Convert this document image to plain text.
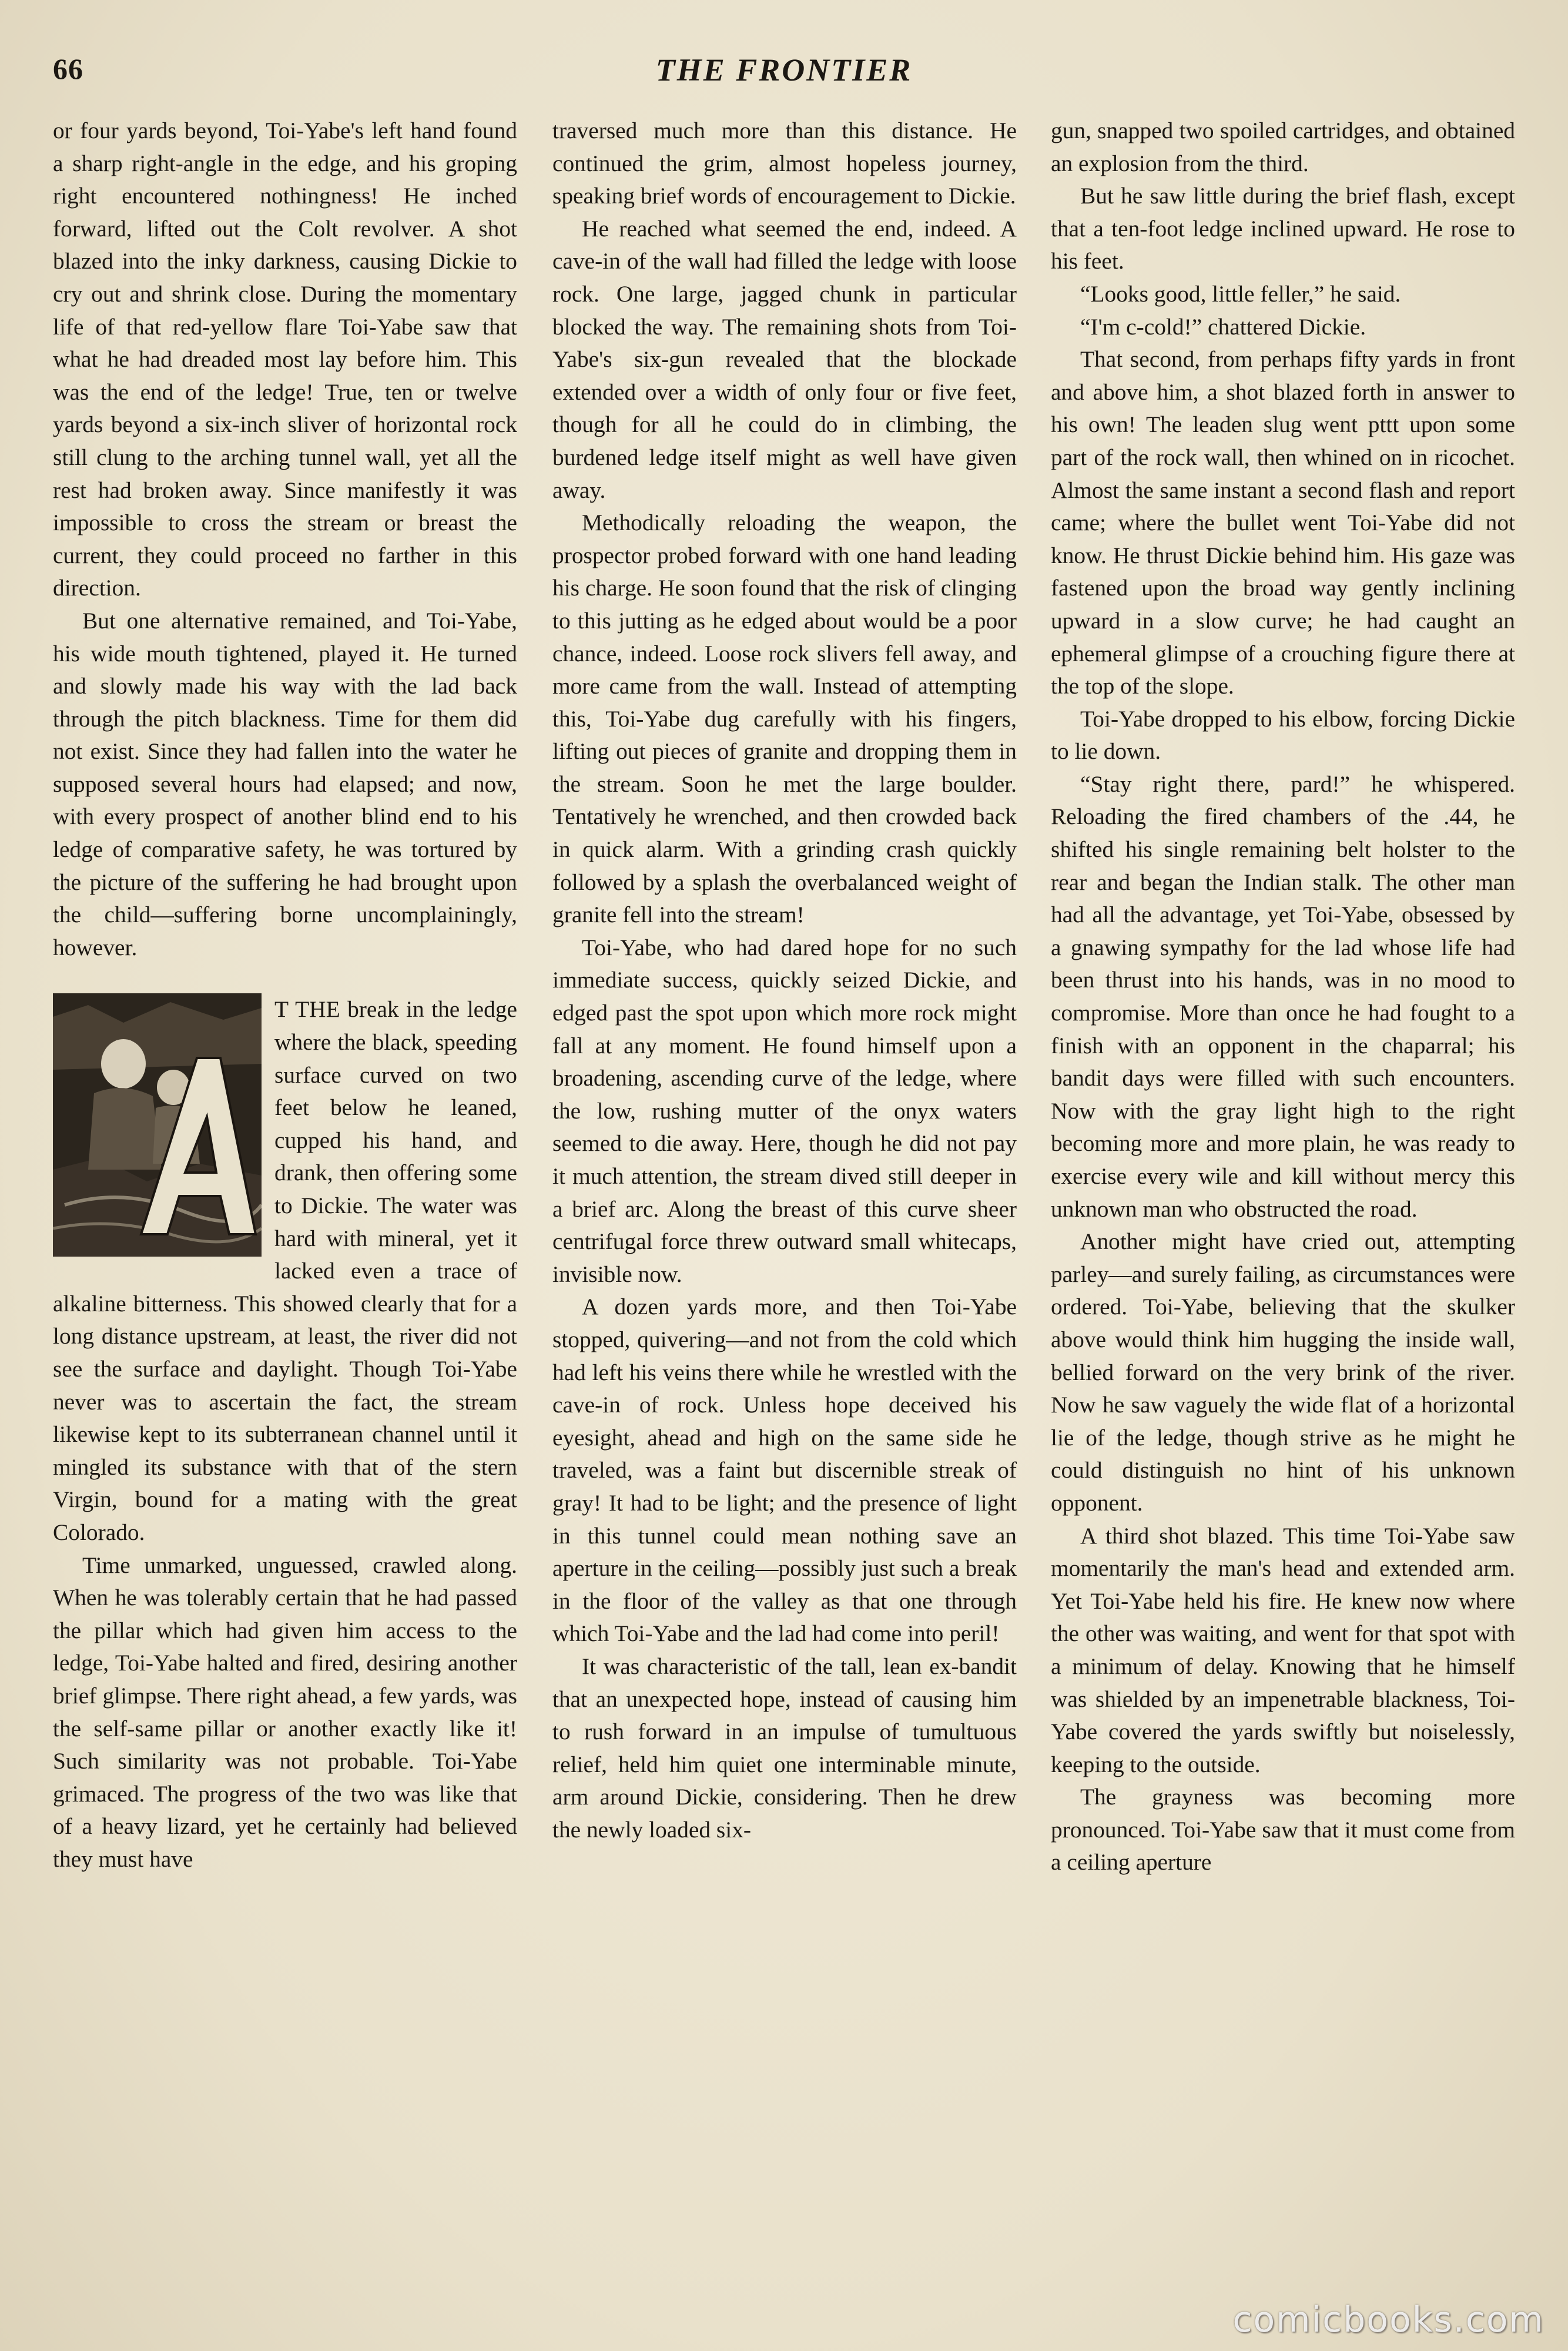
66	THE FRONTIER

or four yards beyond, Toi-Yabe's left hand found a sharp right-angle in the edge, and his groping right encountered nothingness! He inched forward, lifted out the Colt revolver. A shot blazed into the inky darkness, causing Dickie to cry out and shrink close. During the momentary life of that red-yellow flare Toi-Yabe saw that what he had dreaded most lay before him. This was the end of the ledge! True, ten or twelve yards beyond a six-inch sliver of horizontal rock still clung to the arching tunnel wall, yet all the rest had broken away. Since manifestly it was impossible to cross the stream or breast the current, they could proceed no farther in this direction.

But one alternative remained, and Toi-Yabe, his wide mouth tightened, played it. He turned and slowly made his way with the lad back through the pitch blackness. Time for them did not exist. Since they had fallen into the water he supposed several hours had elapsed; and now, with every prospect of another blind end to his ledge of comparative safety, he was tortured by the picture of the suffering he had brought upon the child—suffering borne uncomplainingly, however.

T THE break in the ledge where the black, speeding surface curved on two feet below he leaned, cupped his hand, and drank, then offering some to Dickie. The water was hard with mineral, yet it lacked even a trace of alkaline bitterness. This showed clearly that for a long distance upstream, at least, the river did not see the surface and daylight. Though Toi-Yabe never was to ascertain the fact, the stream likewise kept to its subterranean channel until it mingled its substance with that of the stern Virgin, bound for a mating with the great Colorado.

Time unmarked, unguessed, crawled along. When he was tolerably certain that he had passed the pillar which had given him access to the ledge, Toi-Yabe halted and fired, desiring another brief glimpse. There right ahead, a few yards, was the self-same pillar or another exactly like it! Such similarity was not probable. Toi-Yabe grimaced. The progress of the two was like that of a heavy lizard, yet he certainly had believed they must have

traversed much more than this distance. He continued the grim, almost hopeless journey, speaking brief words of encouragement to Dickie.

He reached what seemed the end, indeed. A cave-in of the wall had filled the ledge with loose rock. One large, jagged chunk in particular blocked the way. The remaining shots from Toi-Yabe's six-gun revealed that the blockade extended over a width of only four or five feet, though for all he could do in climbing, the burdened ledge itself might as well have given away.

Methodically reloading the weapon, the prospector probed forward with one hand leading his charge. He soon found that the risk of clinging to this jutting as he edged about would be a poor chance, indeed. Loose rock slivers fell away, and more came from the wall. Instead of attempting this, Toi-Yabe dug carefully with his fingers, lifting out pieces of granite and dropping them in the stream. Soon he met the large boulder. Tentatively he wrenched, and then crowded back in quick alarm. With a grinding crash quickly followed by a splash the overbalanced weight of granite fell into the stream!

Toi-Yabe, who had dared hope for no such immediate success, quickly seized Dickie, and edged past the spot upon which more rock might fall at any moment. He found himself upon a broadening, ascending curve of the ledge, where the low, rushing mutter of the onyx waters seemed to die away. Here, though he did not pay it much attention, the stream dived still deeper in a brief arc. Along the breast of this curve sheer centrifugal force threw outward small whitecaps, invisible now.

A dozen yards more, and then Toi-Yabe stopped, quivering—and not from the cold which had left his veins there while he wrestled with the cave-in of rock. Unless hope deceived his eyesight, ahead and high on the same side he traveled, was a faint but discernible streak of gray! It had to be light; and the presence of light in this tunnel could mean nothing save an aperture in the ceiling—possibly just such a break in the floor of the valley as that one through which Toi-Yabe and the lad had come into peril!

It was characteristic of the tall, lean ex-bandit that an unexpected hope, instead of causing him to rush forward in an impulse of tumultuous relief, held him quiet one interminable minute, arm around Dickie, considering. Then he drew the newly loaded six-

gun, snapped two spoiled cartridges, and obtained an explosion from the third.

But he saw little during the brief flash, except that a ten-foot ledge inclined upward. He rose to his feet.

“Looks good, little feller,” he said.

“I'm c-cold!” chattered Dickie.

That second, from perhaps fifty yards in front and above him, a shot blazed forth in answer to his own! The leaden slug went pttt upon some part of the rock wall, then whined on in ricochet. Almost the same instant a second flash and report came; where the bullet went Toi-Yabe did not know. He thrust Dickie behind him. His gaze was fastened upon the broad way gently inclining upward in a slow curve; he had caught an ephemeral glimpse of a crouching figure there at the top of the slope.

Toi-Yabe dropped to his elbow, forcing Dickie to lie down.

“Stay right there, pard!” he whispered. Reloading the fired chambers of the .44, he shifted his single remaining belt holster to the rear and began the Indian stalk. The other man had all the advantage, yet Toi-Yabe, obsessed by a gnawing sympathy for the lad whose life had been thrust into his hands, was in no mood to compromise. More than once he had fought to a finish with an opponent in the chaparral; his bandit days were filled with such encounters. Now with the gray light high to the right becoming more and more plain, he was ready to exercise every wile and kill without mercy this unknown man who obstructed the road.

Another might have cried out, attempting parley—and surely failing, as circumstances were ordered. Toi-Yabe, believing that the skulker above would think him hugging the inside wall, bellied forward on the very brink of the river. Now he saw vaguely the wide flat of a horizontal lie of the ledge, though strive as he might he could distinguish no hint of his unknown opponent.

A third shot blazed. This time Toi-Yabe saw momentarily the man's head and extended arm. Yet Toi-Yabe held his fire. He knew now where the other was waiting, and went for that spot with a minimum of delay. Knowing that he himself was shielded by an impenetrable blackness, Toi-Yabe covered the yards swiftly but noiselessly, keeping to the outside.

The grayness was becoming more pronounced. Toi-Yabe saw that it must come from a ceiling aperture

comicbooks.com
